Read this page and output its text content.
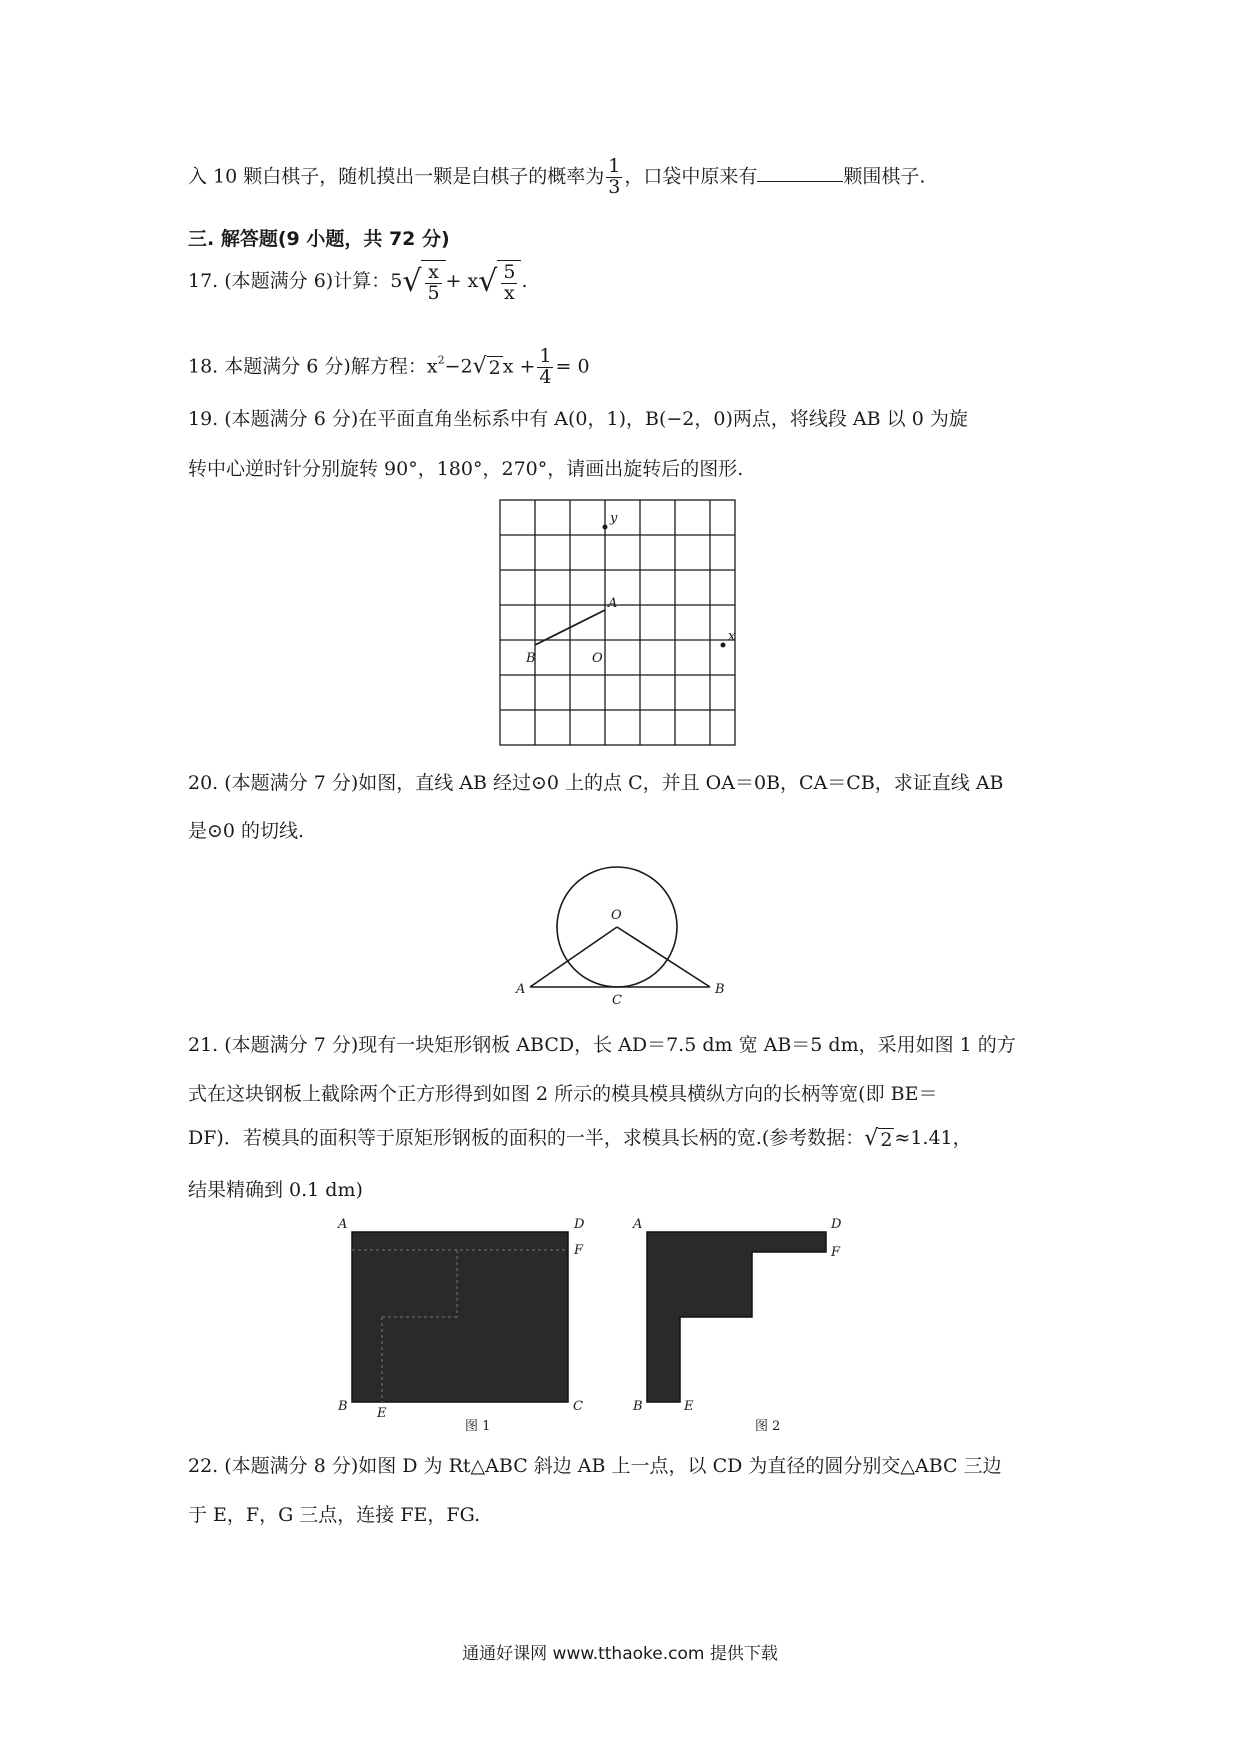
入 10 颗白棋子，随机摸出一颗是白棋子的概率为 $\frac{1}{3}$ ，口袋中原来有	颗围棋子.
三. 解答题(9 小题，共 72 分)
17. (本题满分 6)计算：$5√ \frac{x}{5} + x√ \frac{5}{x}$ .
18. 本题满分 6 分)解方程：$x^2-2√$ 2 $x + \frac{1}{4} = 0$
19. (本题满分 6 分)在平面直角坐标系中有 A(0，1)，B(−2，0)两点，将线段 AB 以 0 为旋
转中心逆时针分别旋转 90°，180°，270°，请画出旋转后的图形.
y
x
A
B	O
20. (本题满分 7 分)如图，直线 AB 经过⊙0 上的点 C，并且 OA＝0B，CA＝CB，求证直线 AB
是⊙0 的切线.
O
A	B
C
21. (本题满分 7 分)现有一块矩形钢板 ABCD，长 AD＝7.5 dm 宽 AB＝5 dm，采用如图 1 的方
式在这块钢板上截除两个正方形得到如图 2 所示的模具模具横纵方向的长柄等宽(即 BE＝
DF)．若模具的面积等于原矩形钢板的面积的一半，求模具长柄的宽.(参考数据：√ 2 ≈1.41，
结果精确到 0.1 dm)
A	D
F
B E	C
图 1
A	D
F
B	E
图 2
22. (本题满分 8 分)如图 D 为 Rt△ABC 斜边 AB 上一点，以 CD 为直径的圆分别交△ABC 三边
于 E，F，G 三点，连接 FE，FG.
通通好课网 www.tthaoke.com 提供下载
